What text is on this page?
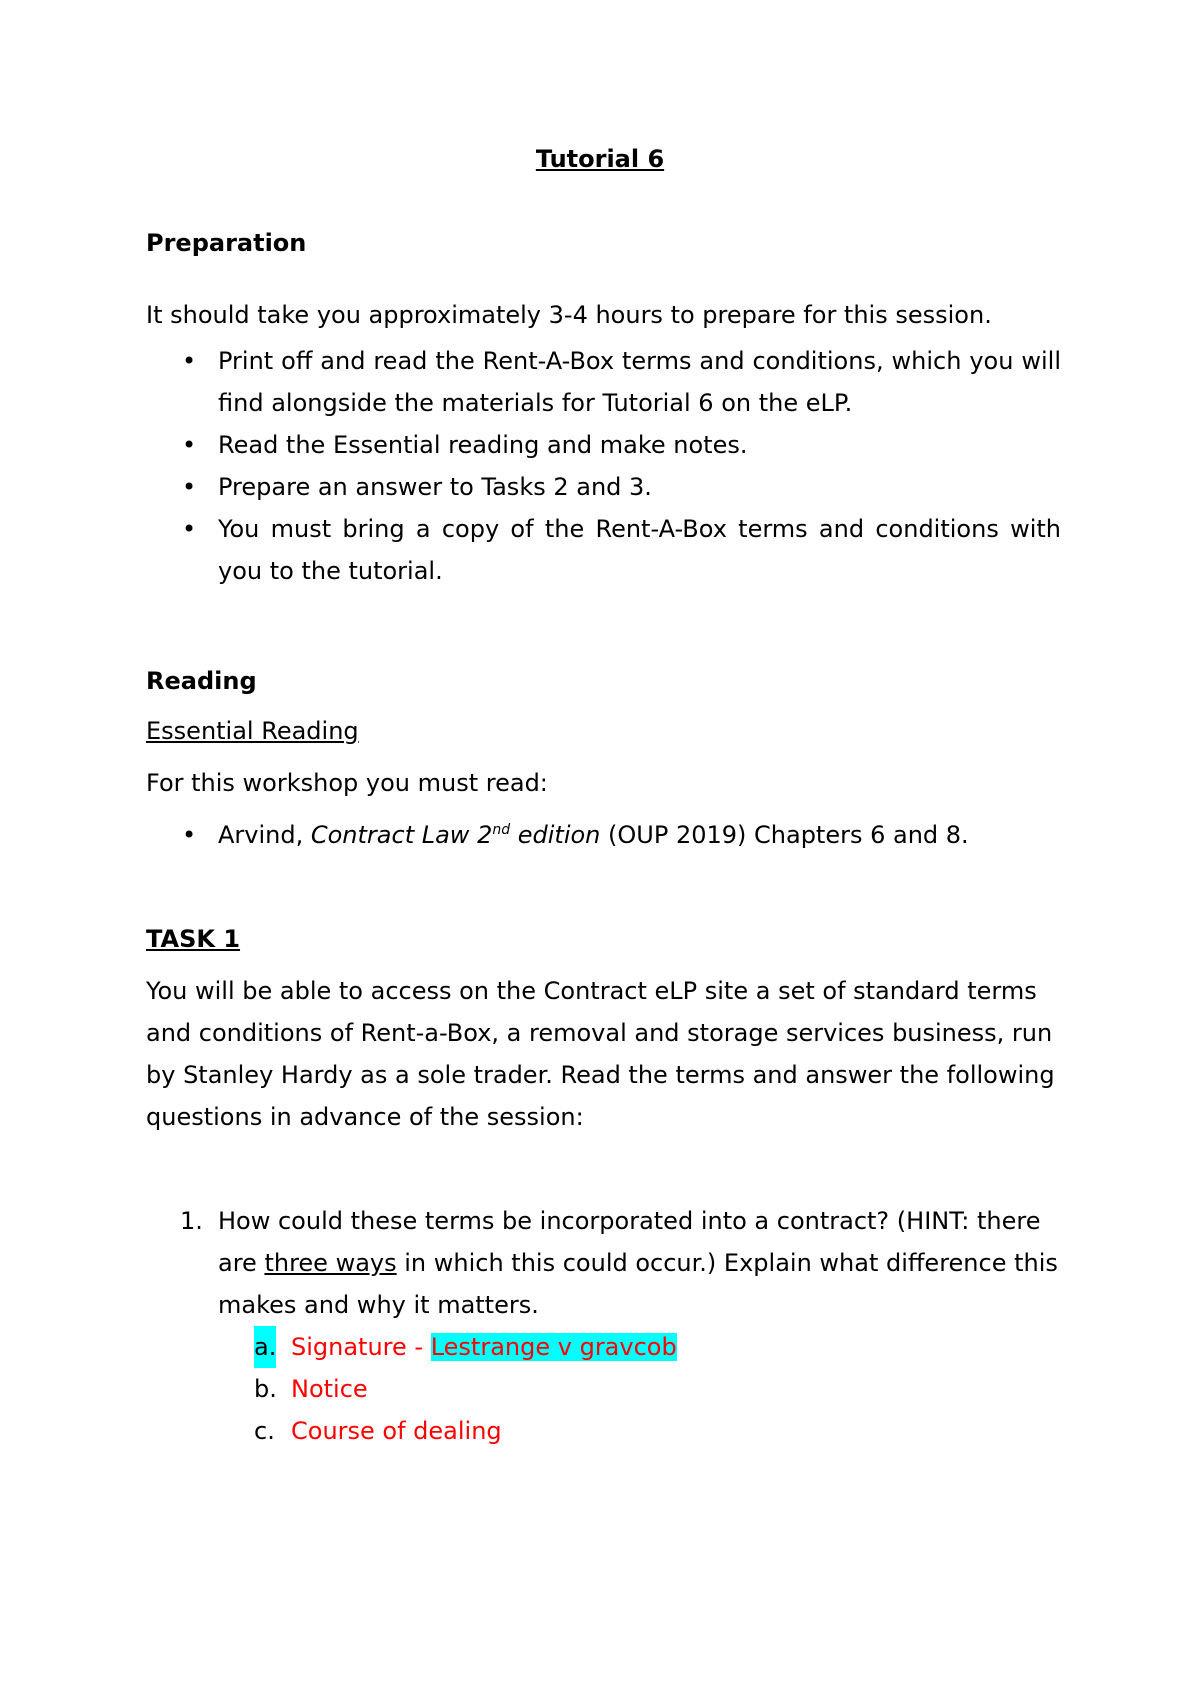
Tutorial 6

Preparation

It should take you approximately 3-4 hours to prepare for this session.

• Print off and read the Rent-A-Box terms and conditions, which you will find alongside the materials for Tutorial 6 on the eLP.
• Read the Essential reading and make notes.
• Prepare an answer to Tasks 2 and 3.
• You must bring a copy of the Rent-A-Box terms and conditions with you to the tutorial.

Reading

Essential Reading

For this workshop you must read:

• Arvind, Contract Law 2nd edition (OUP 2019) Chapters 6 and 8.

TASK 1

You will be able to access on the Contract eLP site a set of standard terms and conditions of Rent-a-Box, a removal and storage services business, run by Stanley Hardy as a sole trader. Read the terms and answer the following questions in advance of the session:

1. How could these terms be incorporated into a contract? (HINT: there are three ways in which this could occur.) Explain what difference this makes and why it matters.
a. Signature - Lestrange v gravcob
b. Notice
c. Course of dealing
